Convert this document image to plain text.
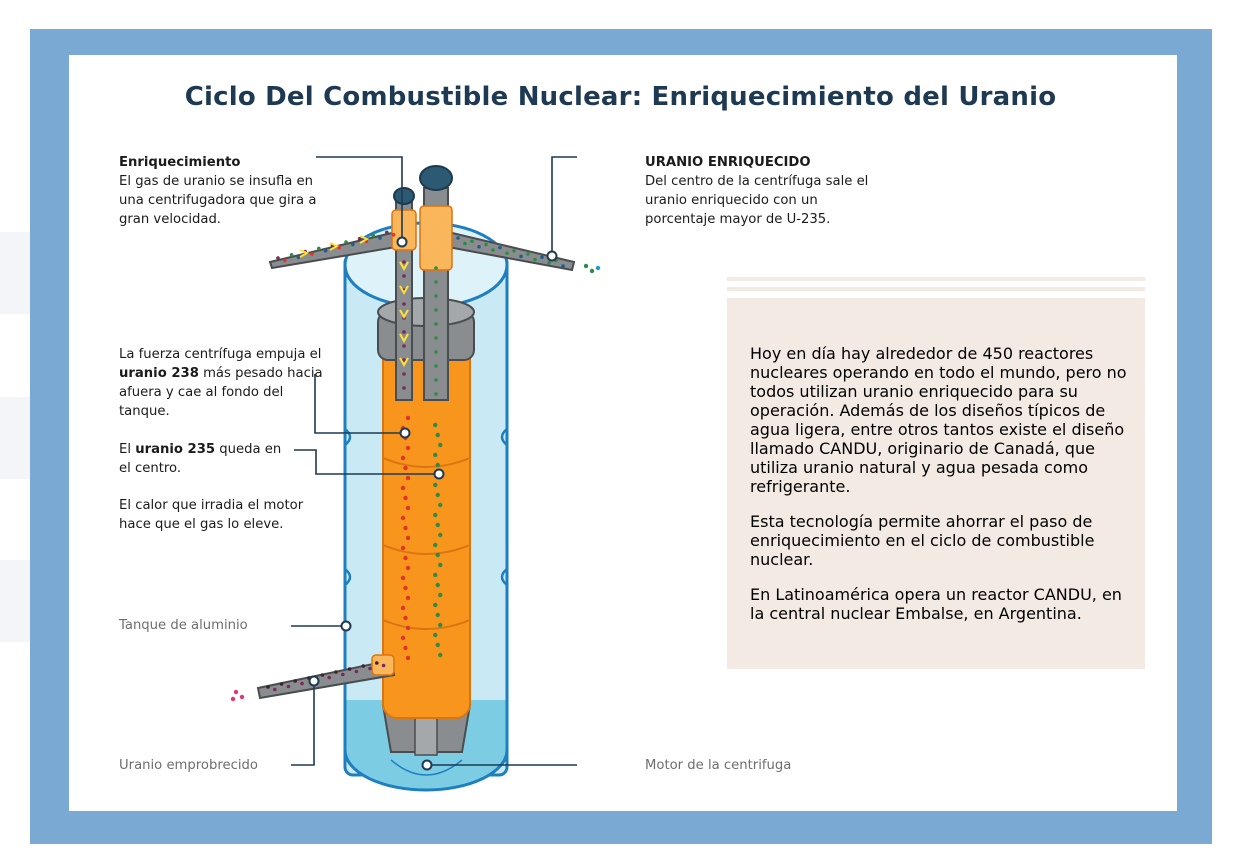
Ciclo Del Combustible Nuclear: Enriquecimiento del Uranio
Enriquecimiento
El gas de uranio se insufla en una centrifugadora que gira a gran velocidad.
La fuerza centrífuga empuja el uranio 238 más pesado hacia afuera y cae al fondo del tanque.
El uranio 235 queda en el centro.
El calor que irradia el motor hace que el gas lo eleve.
Tanque de aluminio
Uranio emprobrecido	Motor de la centrifuga
URANIO ENRIQUECIDO
Del centro de la centrífuga sale el uranio enriquecido con un porcentaje mayor de U-235.

Hoy en día hay alrededor de 450 reactores nucleares operando en todo el mundo, pero no todos utilizan uranio enriquecido para su operación. Además de los diseños típicos de agua ligera, entre otros tantos existe el diseño llamado CANDU, originario de Canadá, que utiliza uranio natural y agua pesada como refrigerante.

Esta tecnología permite ahorrar el paso de enriquecimiento en el ciclo de combustible nuclear.

En Latinoamérica opera un reactor CANDU, en la central nuclear Embalse, en Argentina.
